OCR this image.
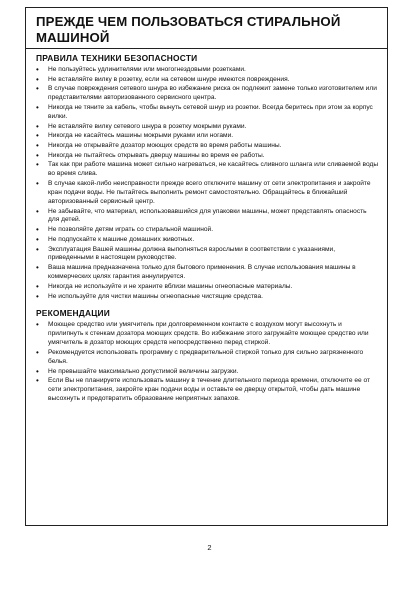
ПРЕЖДЕ ЧЕМ ПОЛЬЗОВАТЬСЯ СТИРАЛЬНОЙ МАШИНОЙ
ПРАВИЛА ТЕХНИКИ БЕЗОПАСНОСТИ
• Не пользуйтесь удлинителями или многогнездовыми розетками.
• Не вставляйте вилку в розетку, если на сетевом шнуре имеются повреждения.
• В случае повреждения сетевого шнура во избежание риска он подлежит замене только изготовителем или представителями авторизованного сервисного центра.
• Никогда не тяните за кабель, чтобы вынуть сетевой шнур из розетки. Всегда беритесь при этом за корпус вилки.
• Не вставляйте вилку сетевого шнура в розетку мокрыми руками.
• Никогда не касайтесь машины мокрыми руками или ногами.
• Никогда не открывайте дозатор моющих средств во время работы машины.
• Никогда не пытайтесь открывать дверцу машины во время ее работы.
• Так как при работе машина может сильно нагреваться, не касайтесь сливного шланга или сливаемой воды во время слива.
• В случае какой-либо неисправности прежде всего отключите машину от сети электропитания и закройте кран подачи воды. Не пытайтесь выполнить ремонт самостоятельно. Обращайтесь в ближайший авторизованный сервисный центр.
• Не забывайте, что материал, использовавшийся для упаковки машины, может представлять опасность для детей.
• Не позволяйте детям играть со стиральной машиной.
• Не подпускайте к машине домашних животных.
• Эксплуатация Вашей машины должна выполняться взрослыми в соответствии с указаниями, приведенными в настоящем руководстве.
• Ваша машина предназначена только для бытового применения. В случае использования машины в коммерческих целях гарантия аннулируется.
• Никогда не используйте и не храните вблизи машины огнеопасные материалы.
• Не используйте для чистки машины огнеопасные чистящие средства.
РЕКОМЕНДАЦИИ
• Моющее средство или умягчитель при долговременном контакте с воздухом могут высохнуть и прилипнуть к стенкам дозатора моющих средств. Во избежание этого загружайте моющее средство или умягчитель в дозатор моющих средств непосредственно перед стиркой.
• Рекомендуется использовать программу с предварительной стиркой только для сильно загрязненного белья.
• Не превышайте максимально допустимой величины загрузки.
• Если Вы не планируете использовать машину в течение длительного периода времени, отключите ее от сети электропитания, закройте кран подачи воды и оставьте ее дверцу открытой, чтобы дать машине высохнуть и предотвратить образование неприятных запахов.
2
